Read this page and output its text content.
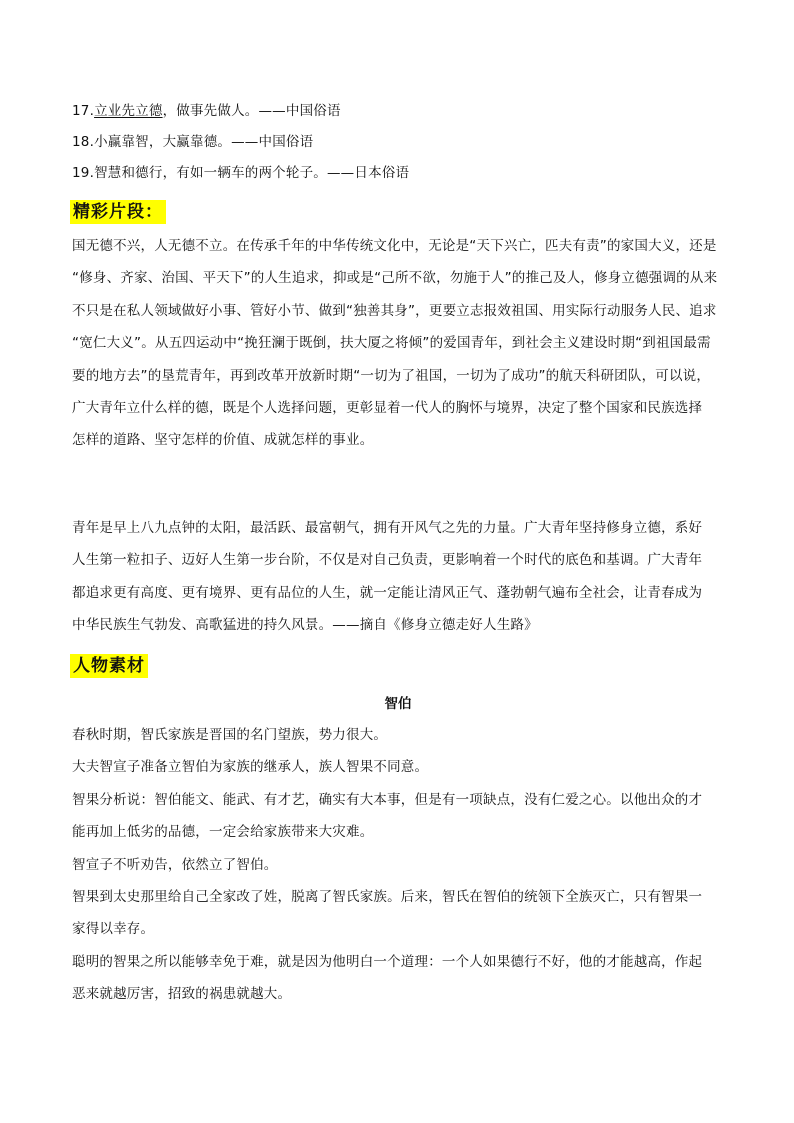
17.立业先立德，做事先做人。——中国俗语
18.小赢靠智，大赢靠德。——中国俗语
19.智慧和德行，有如一辆车的两个轮子。——日本俗语
精彩片段：
国无德不兴，人无德不立。在传承千年的中华传统文化中，无论是“天下兴亡，匹夫有责”的家国大义，还是
“修身、齐家、治国、平天下”的人生追求，抑或是“己所不欲，勿施于人”的推己及人，修身立德强调的从来
不只是在私人领域做好小事、管好小节、做到“独善其身”，更要立志报效祖国、用实际行动服务人民、追求
“宽仁大义”。从五四运动中“挽狂澜于既倒，扶大厦之将倾”的爱国青年，到社会主义建设时期“到祖国最需
要的地方去”的垦荒青年，再到改革开放新时期“一切为了祖国，一切为了成功”的航天科研团队，可以说，
广大青年立什么样的德，既是个人选择问题，更彰显着一代人的胸怀与境界，决定了整个国家和民族选择
怎样的道路、坚守怎样的价值、成就怎样的事业。
青年是早上八九点钟的太阳，最活跃、最富朝气，拥有开风气之先的力量。广大青年坚持修身立德，系好
人生第一粒扣子、迈好人生第一步台阶，不仅是对自己负责，更影响着一个时代的底色和基调。广大青年
都追求更有高度、更有境界、更有品位的人生，就一定能让清风正气、蓬勃朝气遍布全社会，让青春成为
中华民族生气勃发、高歌猛进的持久风景。——摘自《修身立德走好人生路》
人物素材
智伯
春秋时期，智氏家族是晋国的名门望族，势力很大。
大夫智宣子准备立智伯为家族的继承人，族人智果不同意。
智果分析说：智伯能文、能武、有才艺，确实有大本事，但是有一项缺点，没有仁爱之心。以他出众的才
能再加上低劣的品德，一定会给家族带来大灾难。
智宣子不听劝告，依然立了智伯。
智果到太史那里给自己全家改了姓，脱离了智氏家族。后来，智氏在智伯的统领下全族灭亡，只有智果一
家得以幸存。
聪明的智果之所以能够幸免于难，就是因为他明白一个道理：一个人如果德行不好，他的才能越高，作起
恶来就越厉害，招致的祸患就越大。
